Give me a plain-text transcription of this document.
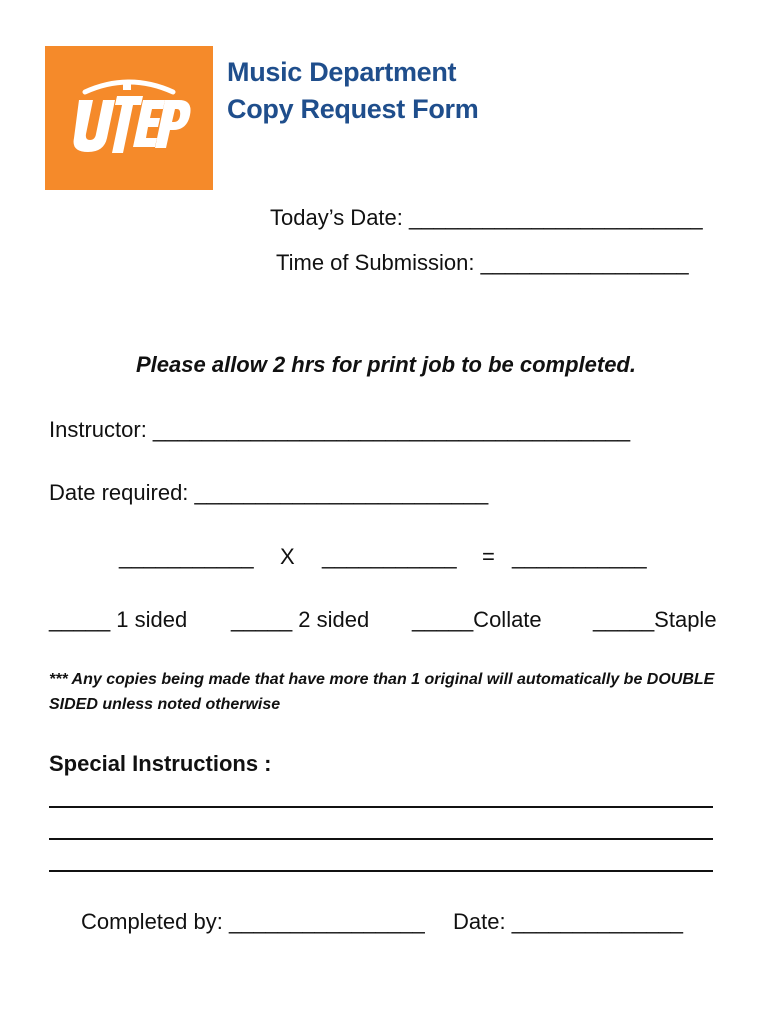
Music Department
Copy Request Form
Today’s Date: ________________________
Time of Submission: _________________
Please allow 2 hrs for print job to be completed.
Instructor: _______________________________________
Date required: ________________________
___________ X ___________ = ___________
_____ 1 sided _____ 2 sided _____Collate _____Staple
*** Any copies being made that have more than 1 original will automatically be DOUBLE SIDED unless noted otherwise
Special Instructions :
Completed by: ________________ Date: ______________
